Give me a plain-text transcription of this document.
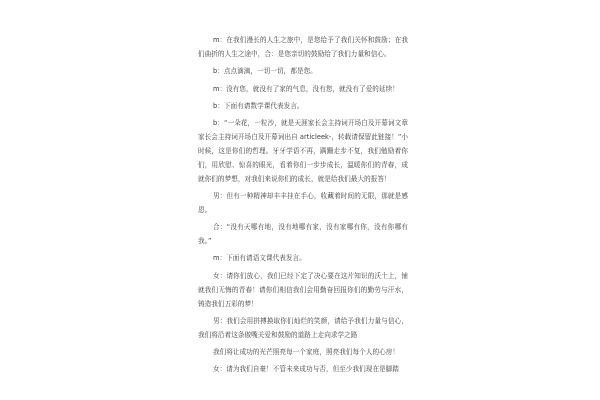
m：在我们漫长的人生之旅中，是您给予了我们关怀和鼓励；在我们曲折的人生之途中，合：是您亲切的鼓励给了我们力量和信心。

b：点点滴滴，一切一切，都是您。

m：没有您，就没有了家的气息，没有您，就没有了爱的延续！

b：下面有请数学课代表发言。

b：“一朵花，一粒沙，就是天涯家长会主持词开场白及开幕词文章家长会主持词开场白及开幕词出自 articleek-，转载请保留此链接！”小时候，这是你们的哲理。牙牙学语不再，蹒跚走步不复，我们勉励着你们，用欣慰、惊喜的眼光，看着你们一步步成长，温暖你们的青春，成就你们的梦想，对我们来说你们的成长，就是给我们最大的报答！

男：但有一种精神却丰丰挂在手心，收藏着时间的无限，那就是感恩。

合：“没有天哪有地，没有地哪有家，没有家哪有你，没有你哪有我。”

m：下面有请语文课代表发言。

女：请你们放心，我们已经下定了决心要在这片知识的沃土上，铺就我们无悔的青春！请你们相信我们会用勤奋回报你们的勤劳与汗水，铸造我们五彩的梦！

男：我们会用拼搏换取你们灿烂的笑颜，请给予我们力量与信心，我们将沿着这条傲嘴关爱和鼓励的道路上走向求学之路

我们将让成功的光芒照亮每一个家庭，照亮我们每个人的心房！

女：请为我们自豪！不管未来成功与否，但至少我们现在是脚踏
